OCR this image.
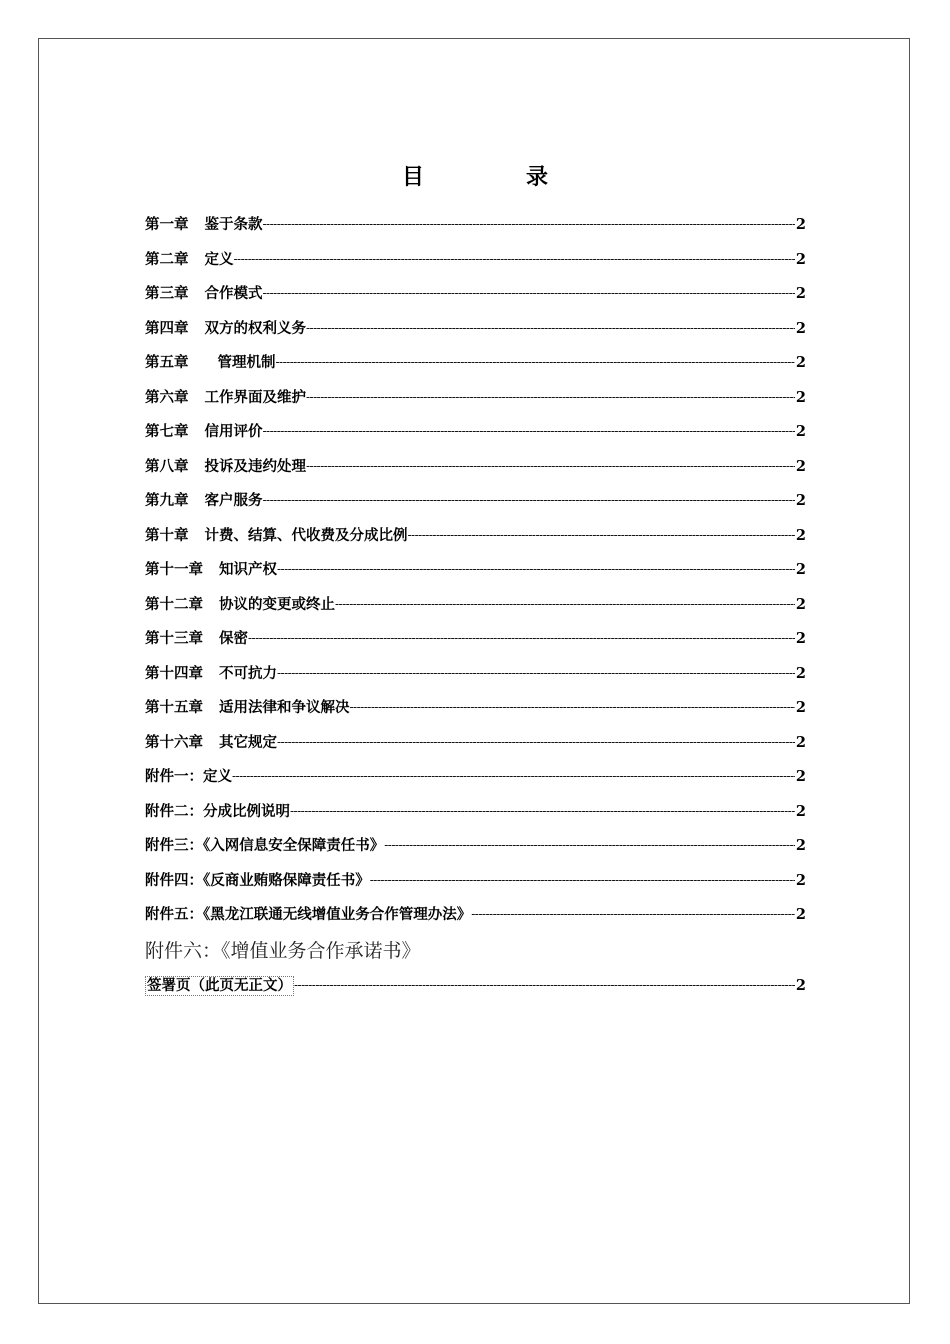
目　录
第一章 鉴于条款 -----	2
第二章 定义 -----	2
第三章 合作模式 -----	2
第四章 双方的权利义务 -----	2
第五章 管理机制 -----	2
第六章 工作界面及维护 -----	2
第七章 信用评价 -----	2
第八章 投诉及违约处理 -----	2
第九章 客户服务 -----	2
第十章 计费、结算、代收费及分成比例 -----	2
第十一章 知识产权 -----	2
第十二章 协议的变更或终止 -----	2
第十三章 保密 -----	2
第十四章 不可抗力 -----	2
第十五章 适用法律和争议解决 -----	2
第十六章 其它规定 -----	2
附件一：定义 -----	2
附件二：分成比例说明 -----	2
附件三：《入网信息安全保障责任书》 -----	2
附件四：《反商业贿赂保障责任书》 -----	2
附件五：《黑龙江联通无线增值业务合作管理办法》 -----	2
附件六：《增值业务合作承诺书》
签署页（此页无正文） -----	2
